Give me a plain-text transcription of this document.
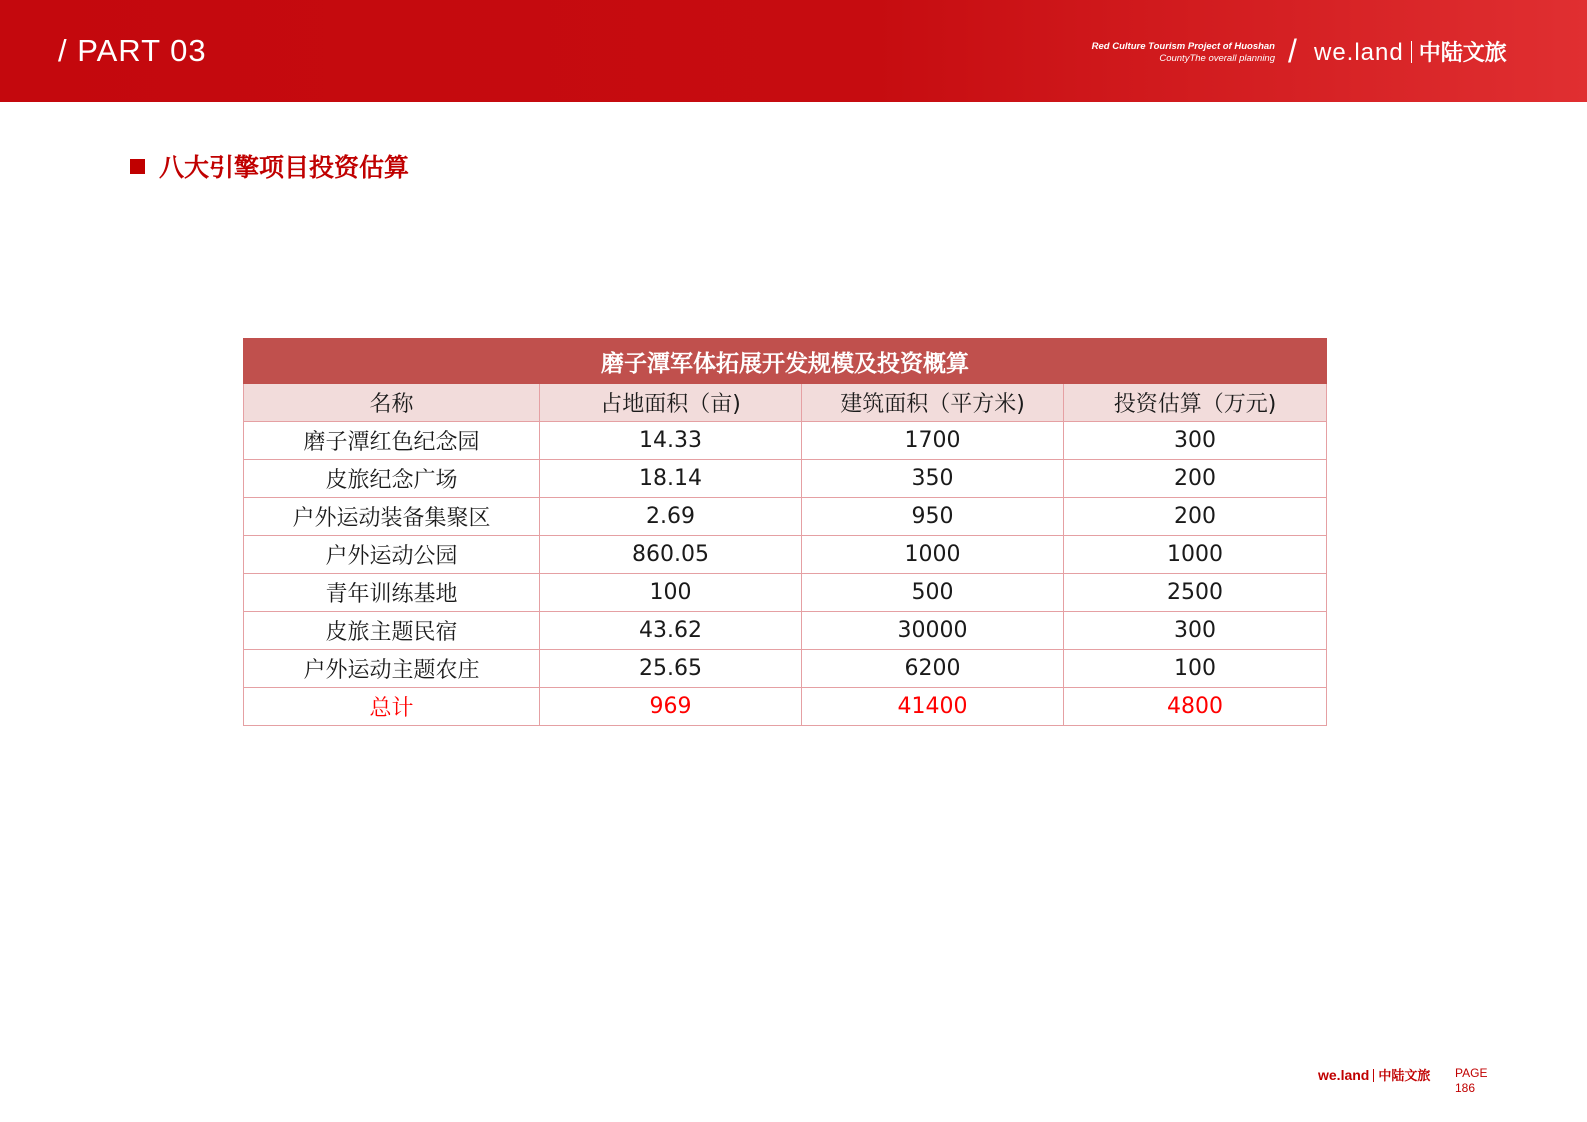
/ PART 03	Red Culture Tourism Project of Huoshan
CountyThe overall planning / we.land 中陆文旅
八大引擎项目投资估算
磨子潭军体拓展开发规模及投资概算			
名称	占地面积（亩)	建筑面积（平方米)	投资估算（万元)
磨子潭红色纪念园	14.33	1700	300
皮旅纪念广场	18.14	350	200
户外运动装备集聚区	2.69	950	200
户外运动公园	860.05	1000	1000
青年训练基地	100	500	2500
皮旅主题民宿	43.62	30000	300
户外运动主题农庄	25.65	6200	100
总计	969	41400	4800
we.land 中陆文旅 PAGE
186
